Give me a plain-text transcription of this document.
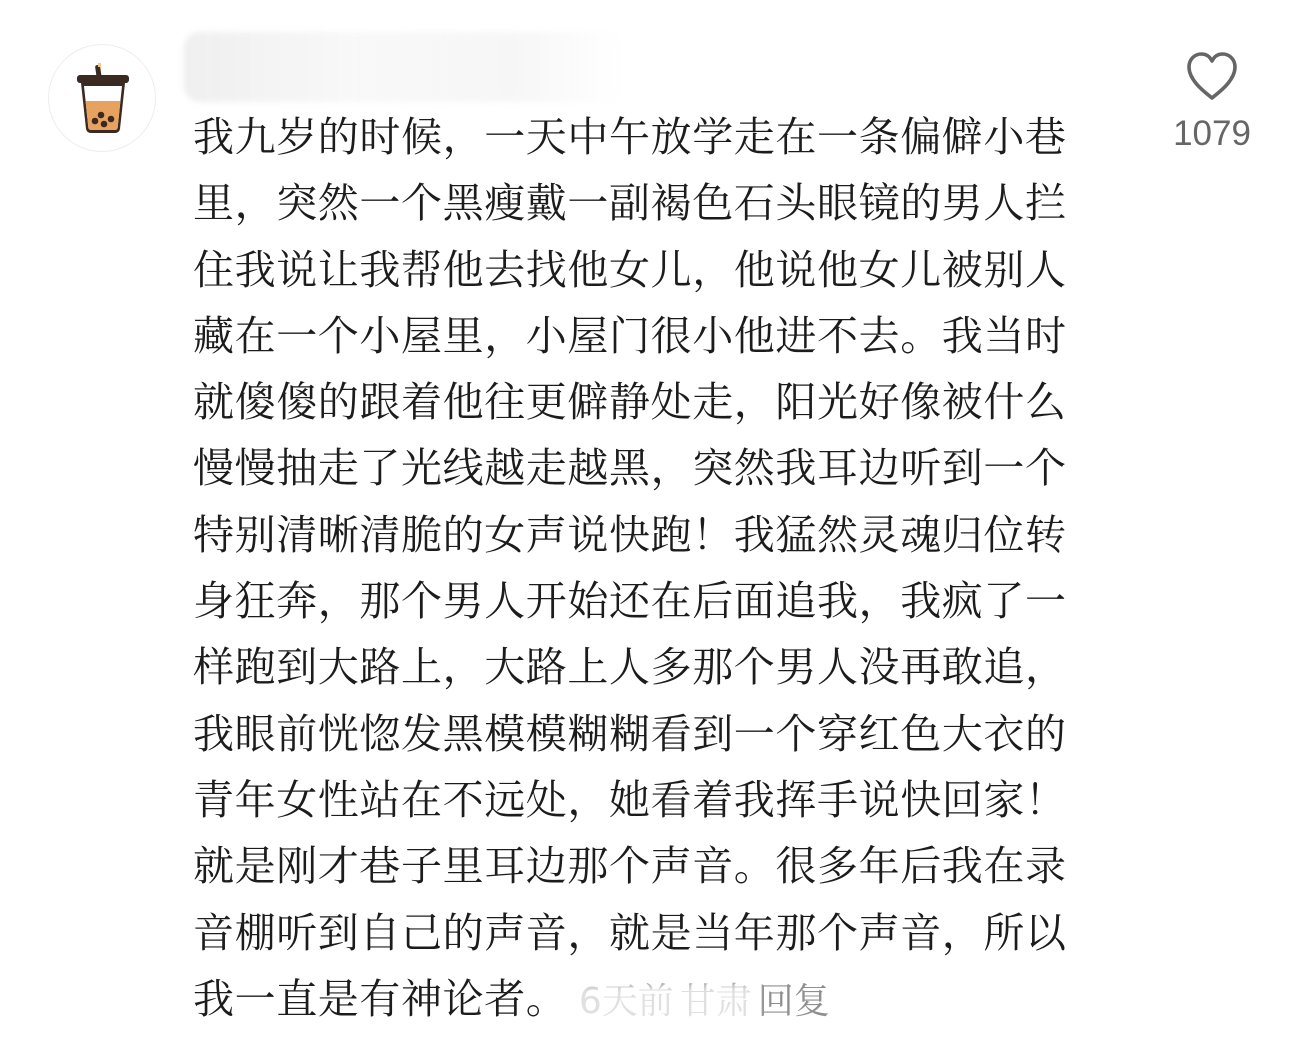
我九岁的时候，一天中午放学走在一条偏僻小巷
里，突然一个黑瘦戴一副褐色石头眼镜的男人拦
住我说让我帮他去找他女儿，他说他女儿被别人
藏在一个小屋里，小屋门很小他进不去。我当时
就傻傻的跟着他往更僻静处走，阳光好像被什么
慢慢抽走了光线越走越黑，突然我耳边听到一个
特别清晰清脆的女声说快跑！我猛然灵魂归位转
身狂奔，那个男人开始还在后面追我，我疯了一
样跑到大路上，大路上人多那个男人没再敢追，
我眼前恍惚发黑模模糊糊看到一个穿红色大衣的
青年女性站在不远处，她看着我挥手说快回家！
就是刚才巷子里耳边那个声音。很多年后我在录
音棚听到自己的声音，就是当年那个声音，所以
我一直是有神论者。	回复

1079
